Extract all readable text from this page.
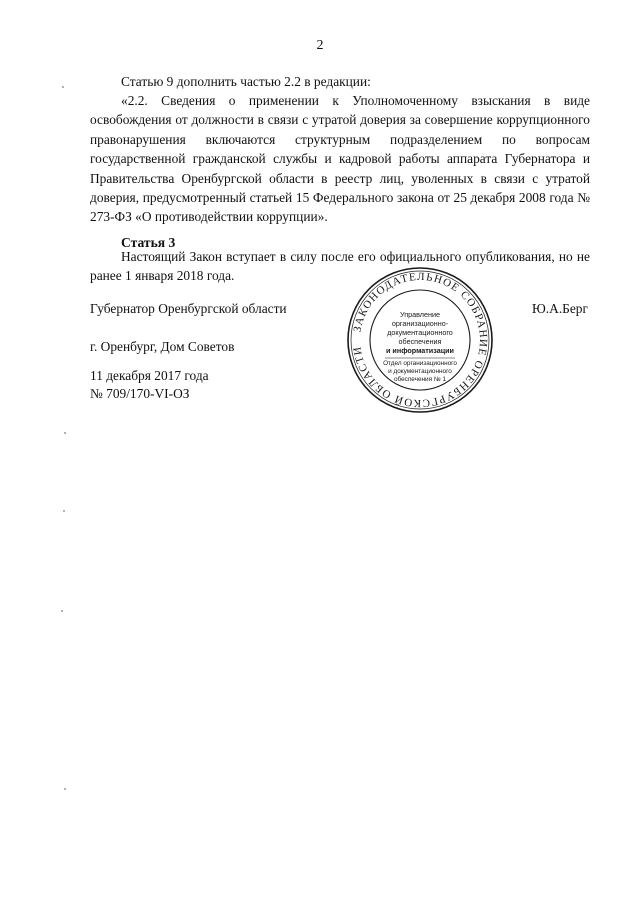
2

Статью 9 дополнить частью 2.2 в редакции:

«2.2. Сведения о применении к Уполномоченному взыскания в виде освобождения от должности в связи с утратой доверия за совершение коррупционного правонарушения включаются структурным подразделением по вопросам государственной гражданской службы и кадровой работы аппарата Губернатора и Правительства Оренбургской области в реестр лиц, уволенных в связи с утратой доверия, предусмотренный статьей 15 Федерального закона от 25 декабря 2008 года № 273-ФЗ «О противодействии коррупции».

Статья 3

Настоящий Закон вступает в силу после его официального опубликования, но не ранее 1 января 2018 года.

Губернатор Оренбургской области	Ю.А.Берг
г. Оренбург, Дом Советов
11 декабря 2017 года
№ 709/170-VI-ОЗ
ЗАКОНОДАТЕЛЬНОЕ СОБРАНИЕ ОРЕНБУРГСКОЙ ОБЛАСТИ
Управление
организационно-
документационного
обеспечения
и информатизации
Отдел организационного
и документационного
обеспечения № 1
